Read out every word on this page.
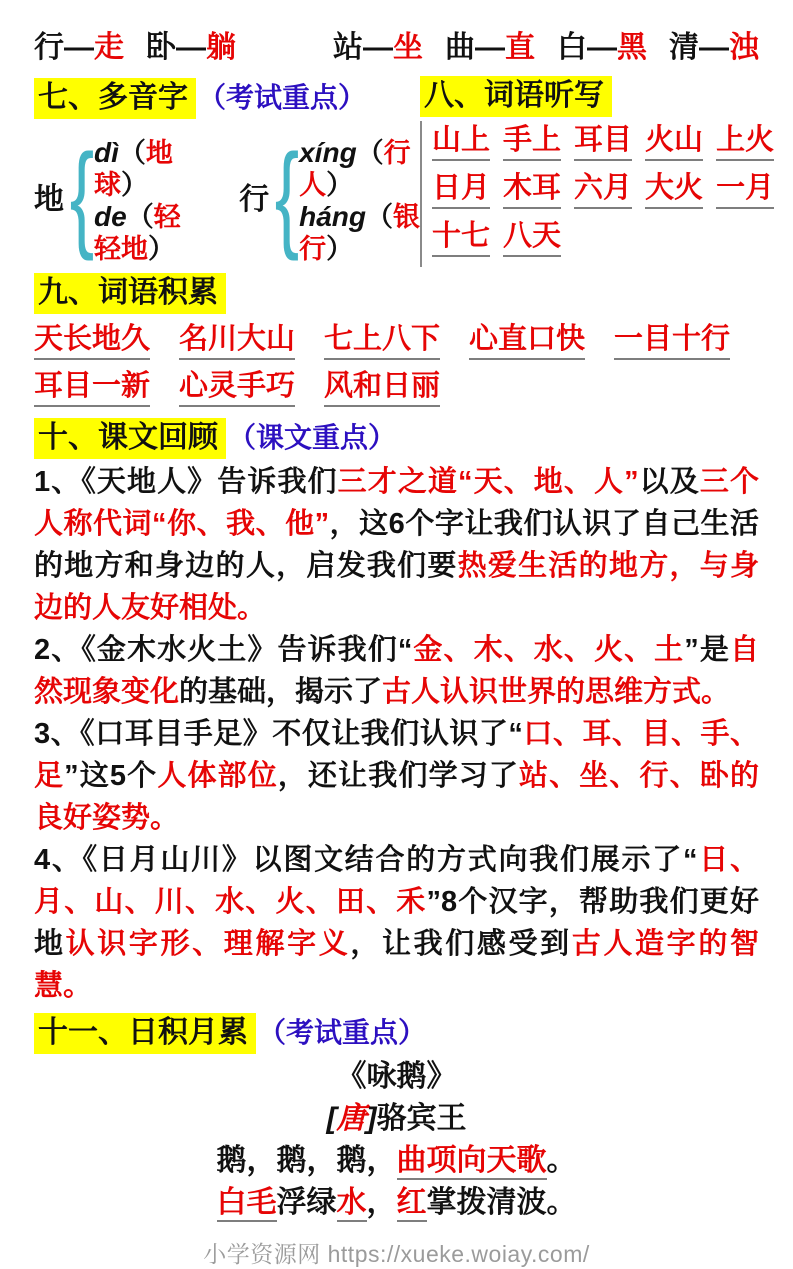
行—走 卧—躺	站—坐 曲—直 白—黑 清—浊
七、多音字 （考试重点）	八、词语听写
地 { dì（地球）
de（轻轻地）
行 { xíng（行人）
háng（银行）
山上 手上 耳目 火山 上火
日月 木耳 六月 大火 一月
十七 八天
九、词语积累
天长地久 名川大山 七上八下 心直口快 一目十行
耳目一新 心灵手巧 风和日丽
十、课文回顾 （课文重点）

1、《天地人》告诉我们三才之道“天、地、人”以及三个人称代词“你、我、他”，这6个字让我们认识了自己生活的地方和身边的人，启发我们要热爱生活的地方，与身边的人友好相处。

2、《金木水火土》告诉我们“金、木、水、火、土”是自然现象变化的基础，揭示了古人认识世界的思维方式。

3、《口耳目手足》不仅让我们认识了“口、耳、目、手、足”这5个人体部位，还让我们学习了站、坐、行、卧的良好姿势。

4、《日月山川》以图文结合的方式向我们展示了“日、月、山、川、水、火、田、禾”8个汉字，帮助我们更好地认识字形、理解字义，让我们感受到古人造字的智慧。

十一、日积月累 （考试重点）
《咏鹅》
[唐]骆宾王
鹅，鹅，鹅，曲项向天歌。
白毛浮绿水，红掌拨清波。
小学资源网 https://xueke.woiay.com/
